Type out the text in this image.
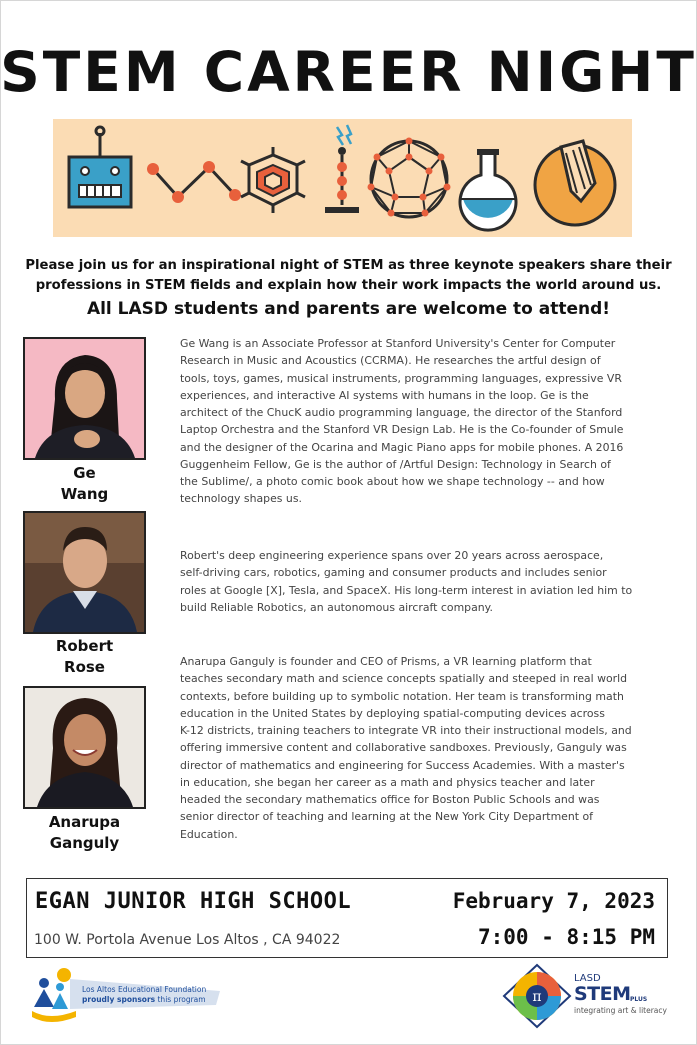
STEM CAREER NIGHT
Please join us for an inspirational night of STEM as three keynote speakers share their
professions in STEM fields and explain how their work impacts the world around us.
All LASD students and parents are welcome to attend!
Ge
Wang
Ge Wang is an Associate Professor at Stanford University's Center for Computer
Research in Music and Acoustics (CCRMA). He researches the artful design of
tools, toys, games, musical instruments, programming languages, expressive VR
experiences, and interactive AI systems with humans in the loop. Ge is the
architect of the ChucK audio programming language, the director of the Stanford
Laptop Orchestra and the Stanford VR Design Lab. He is the Co-founder of Smule
and the designer of the Ocarina and Magic Piano apps for mobile phones. A 2016
Guggenheim Fellow, Ge is the author of /Artful Design: Technology in Search of
the Sublime/, a photo comic book about how we shape technology -- and how
technology shapes us.
Robert
Rose
Robert's deep engineering experience spans over 20 years across aerospace,
self-driving cars, robotics, gaming and consumer products and includes senior
roles at Google [X], Tesla, and SpaceX. His long-term interest in aviation led him to
build Reliable Robotics, an autonomous aircraft company.
Anarupa
Ganguly
Anarupa Ganguly is founder and CEO of Prisms, a VR learning platform that
teaches secondary math and science concepts spatially and steeped in real world
contexts, before building up to symbolic notation. Her team is transforming math
education in the United States by deploying spatial-computing devices across
K-12 districts, training teachers to integrate VR into their instructional models, and
offering immersive content and collaborative sandboxes. Previously, Ganguly was
director of mathematics and engineering for Success Academies. With a master's
in education, she began her career as a math and physics teacher and later
headed the secondary mathematics office for Boston Public Schools and was
senior director of teaching and learning at the New York City Department of
Education.
EGAN JUNIOR HIGH SCHOOL
100 W. Portola Avenue Los Altos , CA 94022
February 7, 2023
7:00 - 8:15 PM
Los Altos Educational Foundation
proudly sponsors this program	π
LASD
STEM PLUS
integrating art & literacy
